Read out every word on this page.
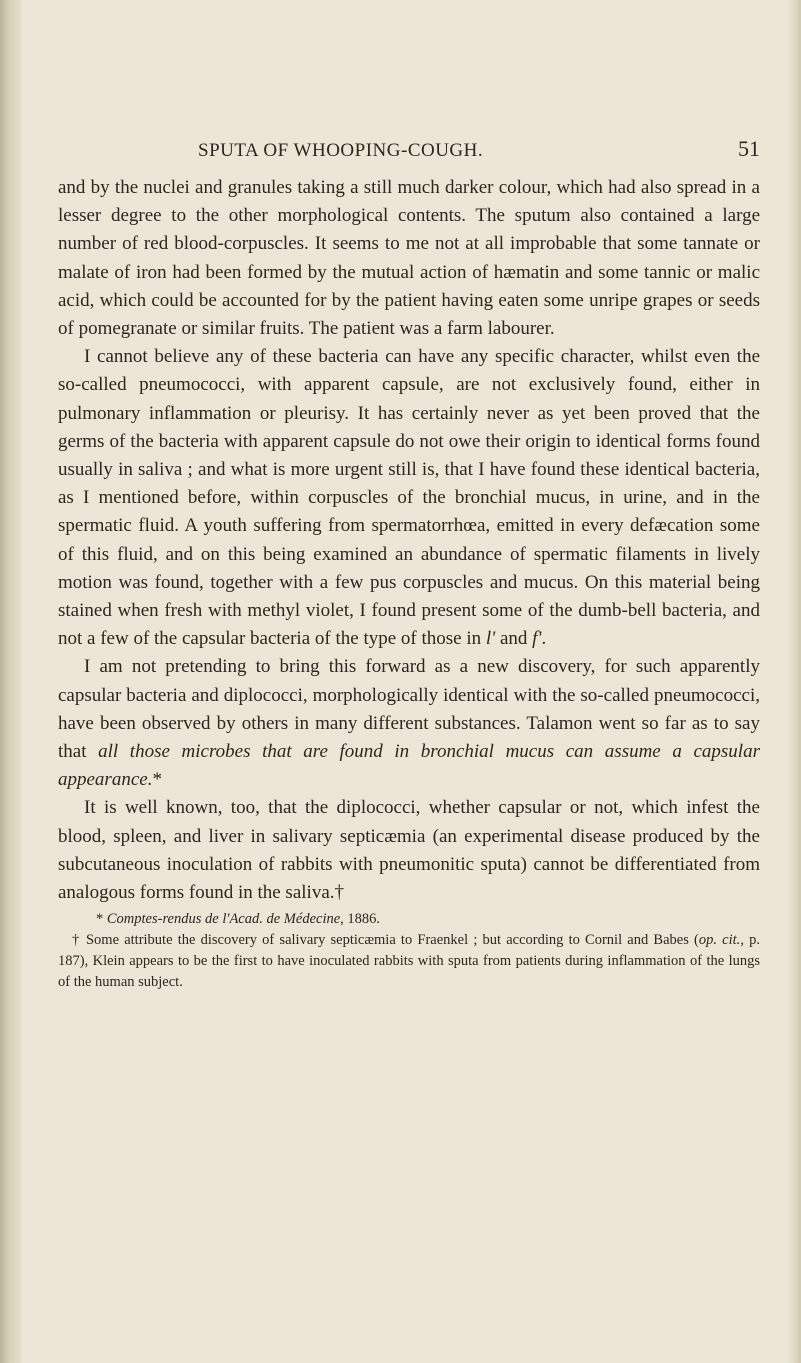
SPUTA OF WHOOPING-COUGH.	51

and by the nuclei and granules taking a still much darker colour, which had also spread in a lesser degree to the other morphological contents. The sputum also contained a large number of red blood-corpuscles. It seems to me not at all improbable that some tannate or malate of iron had been formed by the mutual action of hæmatin and some tannic or malic acid, which could be accounted for by the patient having eaten some unripe grapes or seeds of pomegranate or similar fruits. The patient was a farm labourer.

I cannot believe any of these bacteria can have any specific character, whilst even the so-called pneumococci, with apparent capsule, are not exclusively found, either in pulmonary inflammation or pleurisy. It has certainly never as yet been proved that the germs of the bacteria with apparent capsule do not owe their origin to identical forms found usually in saliva ; and what is more urgent still is, that I have found these identical bacteria, as I mentioned before, within corpuscles of the bronchial mucus, in urine, and in the spermatic fluid. A youth suffering from spermatorrhœa, emitted in every defæcation some of this fluid, and on this being examined an abundance of spermatic filaments in lively motion was found, together with a few pus corpuscles and mucus. On this material being stained when fresh with methyl violet, I found present some of the dumb-bell bacteria, and not a few of the capsular bacteria of the type of those in l' and f'.

I am not pretending to bring this forward as a new discovery, for such apparently capsular bacteria and diplococci, morphologically identical with the so-called pneumococci, have been observed by others in many different substances. Talamon went so far as to say that all those microbes that are found in bronchial mucus can assume a capsular appearance.*

It is well known, too, that the diplococci, whether capsular or not, which infest the blood, spleen, and liver in salivary septicæmia (an experimental disease produced by the subcutaneous inoculation of rabbits with pneumonitic sputa) cannot be differentiated from analogous forms found in the saliva.†

* Comptes-rendus de l'Acad. de Médecine, 1886.

† Some attribute the discovery of salivary septicæmia to Fraenkel ; but according to Cornil and Babes (op. cit., p. 187), Klein appears to be the first to have inoculated rabbits with sputa from patients during inflammation of the lungs of the human subject.
